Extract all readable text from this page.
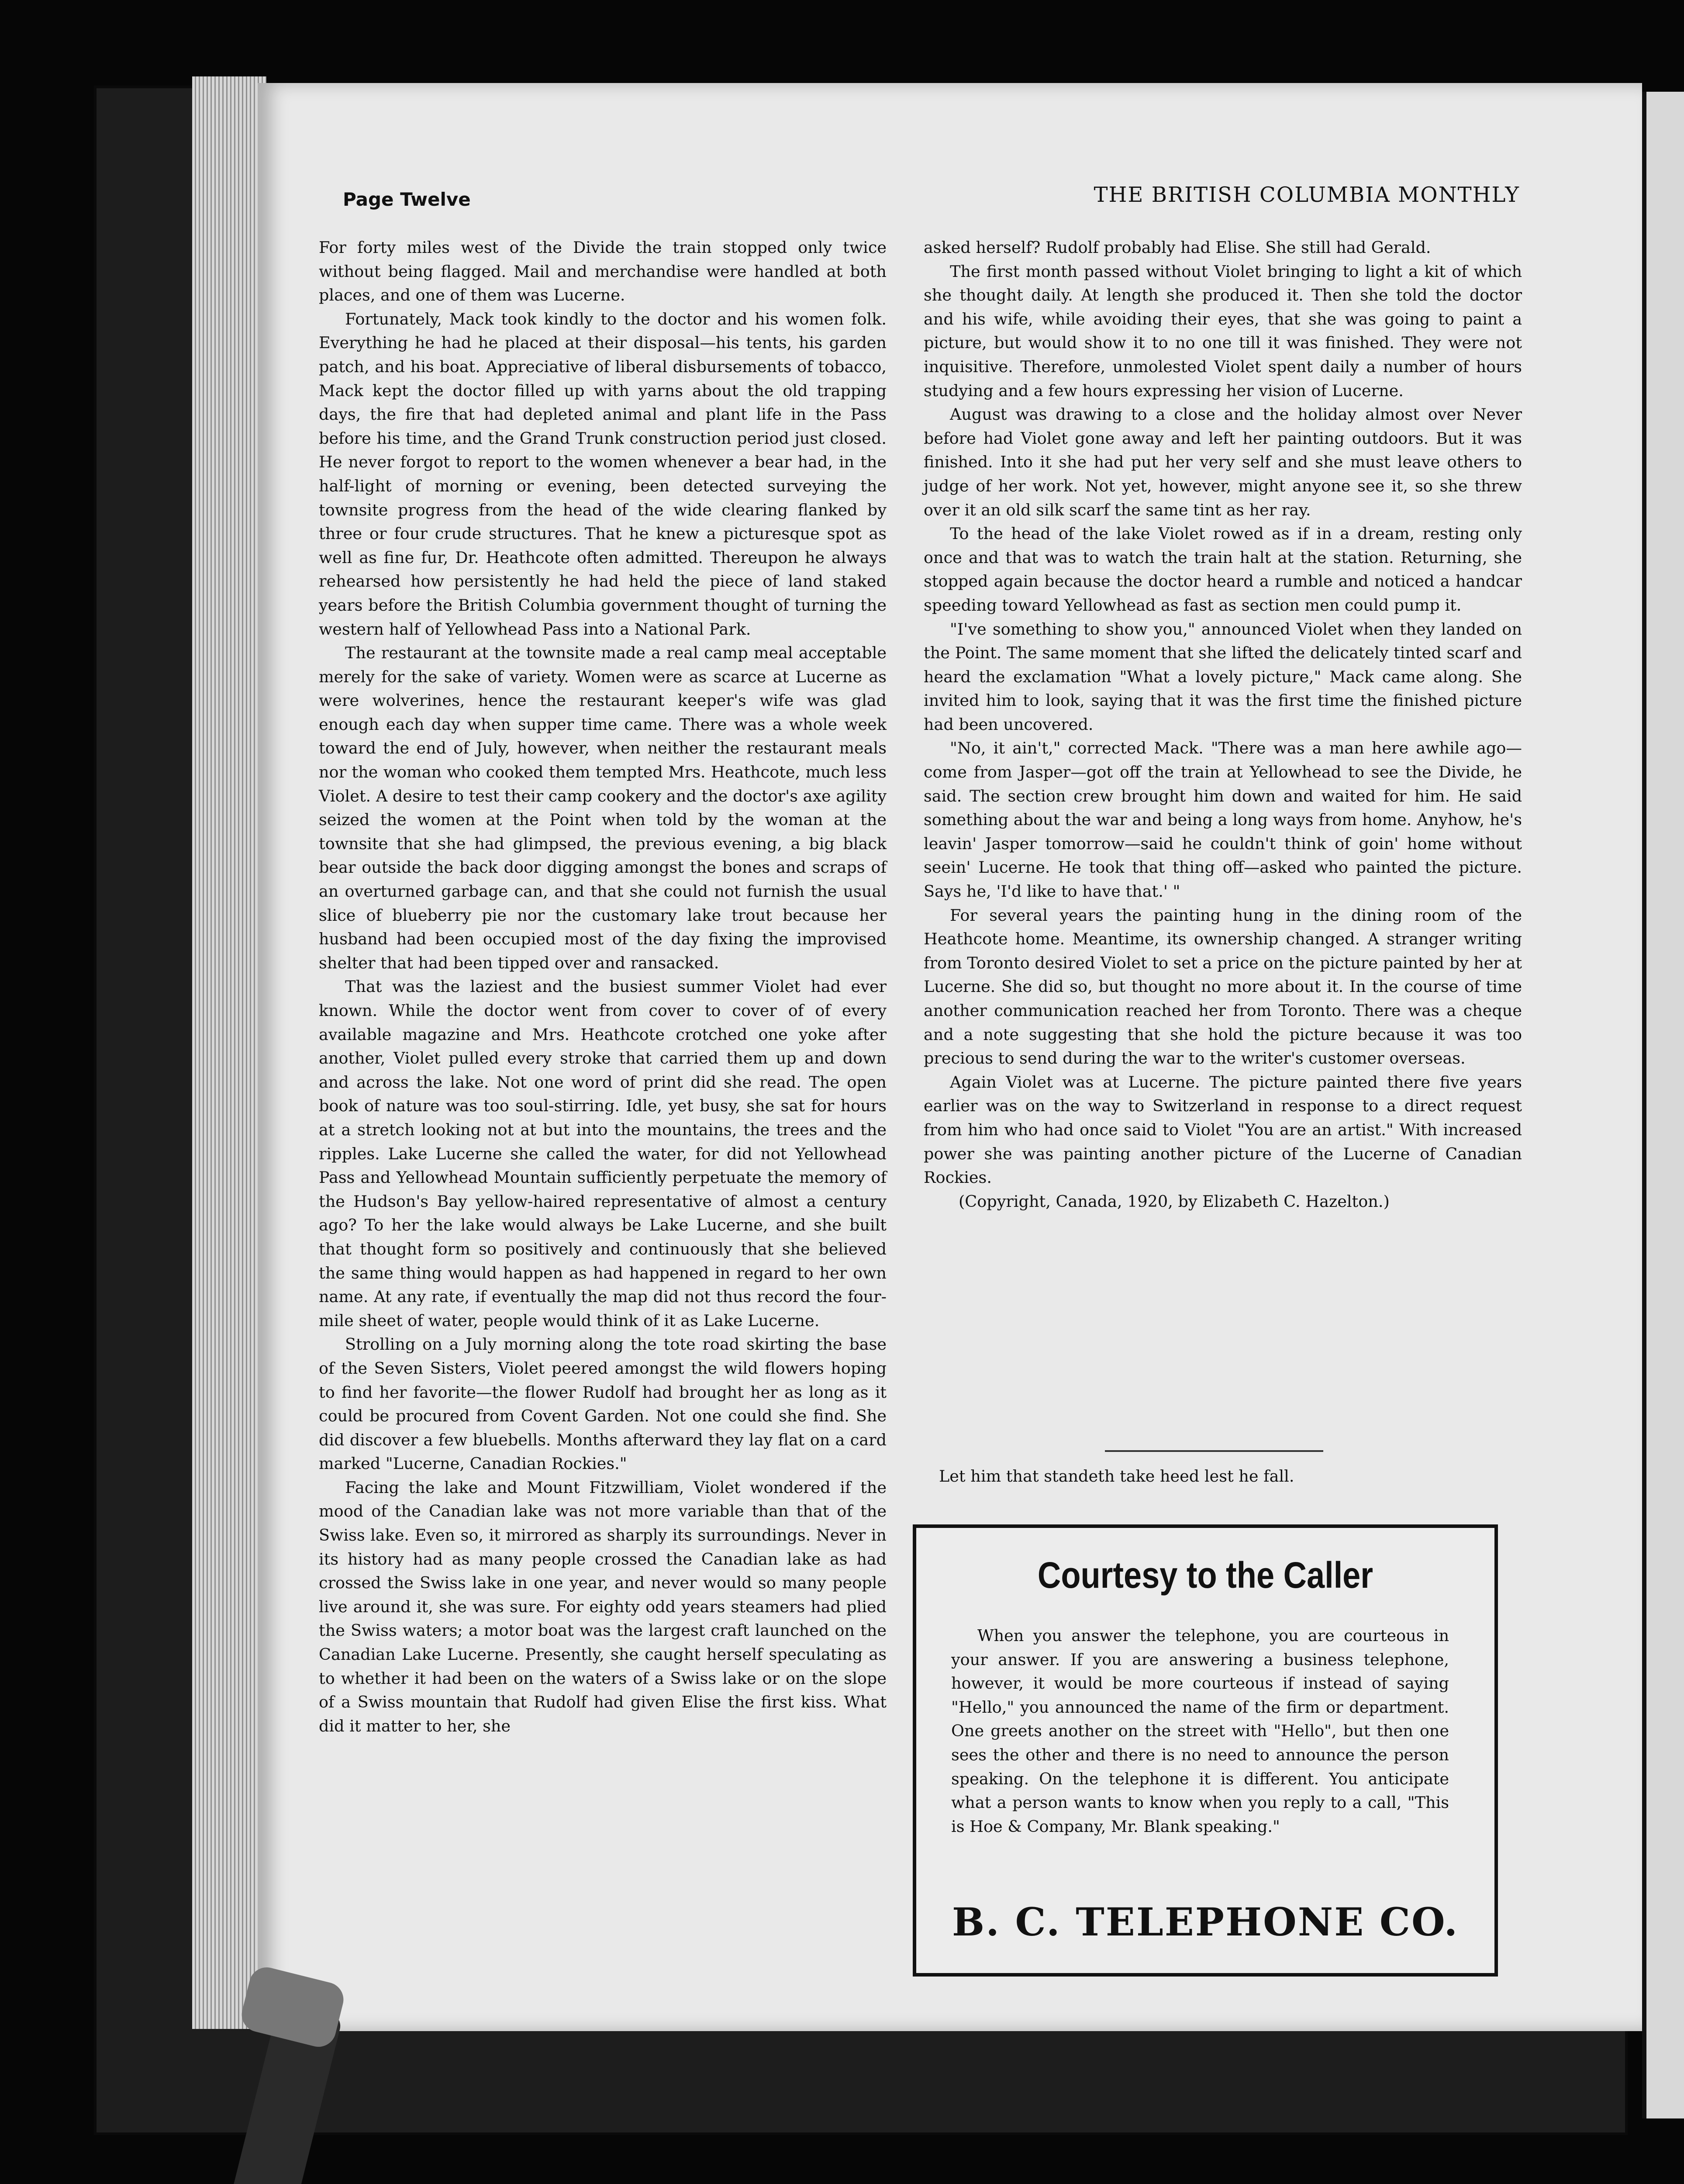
Page Twelve	THE BRITISH COLUMBIA MONTHLY

For forty miles west of the Divide the train stopped only twice without being flagged. Mail and merchandise were handled at both places, and one of them was Lucerne.

Fortunately, Mack took kindly to the doctor and his women folk. Everything he had he placed at their disposal—his tents, his garden patch, and his boat. Appreciative of liberal disbursements of tobacco, Mack kept the doctor filled up with yarns about the old trapping days, the fire that had depleted animal and plant life in the Pass before his time, and the Grand Trunk construction period just closed. He never forgot to report to the women whenever a bear had, in the half-light of morning or evening, been detected surveying the townsite progress from the head of the wide clearing flanked by three or four crude structures. That he knew a picturesque spot as well as fine fur, Dr. Heathcote often admitted. Thereupon he always rehearsed how persistently he had held the piece of land staked years before the British Columbia government thought of turning the western half of Yellowhead Pass into a National Park.

The restaurant at the townsite made a real camp meal acceptable merely for the sake of variety. Women were as scarce at Lucerne as were wolverines, hence the restaurant keeper's wife was glad enough each day when supper time came. There was a whole week toward the end of July, however, when neither the restaurant meals nor the woman who cooked them tempted Mrs. Heathcote, much less Violet. A desire to test their camp cookery and the doctor's axe agility seized the women at the Point when told by the woman at the townsite that she had glimpsed, the previous evening, a big black bear outside the back door digging amongst the bones and scraps of an overturned garbage can, and that she could not furnish the usual slice of blueberry pie nor the customary lake trout because her husband had been occupied most of the day fixing the improvised shelter that had been tipped over and ransacked.

That was the laziest and the busiest summer Violet had ever known. While the doctor went from cover to cover of of every available magazine and Mrs. Heathcote crotched one yoke after another, Violet pulled every stroke that carried them up and down and across the lake. Not one word of print did she read. The open book of nature was too soul-stirring. Idle, yet busy, she sat for hours at a stretch looking not at but into the mountains, the trees and the ripples. Lake Lucerne she called the water, for did not Yellowhead Pass and Yellowhead Mountain sufficiently perpetuate the memory of the Hudson's Bay yellow-haired representative of almost a century ago? To her the lake would always be Lake Lucerne, and she built that thought form so positively and continuously that she believed the same thing would happen as had happened in regard to her own name. At any rate, if eventually the map did not thus record the four-mile sheet of water, people would think of it as Lake Lucerne.

Strolling on a July morning along the tote road skirting the base of the Seven Sisters, Violet peered amongst the wild flowers hoping to find her favorite—the flower Rudolf had brought her as long as it could be procured from Covent Garden. Not one could she find. She did discover a few bluebells. Months afterward they lay flat on a card marked "Lucerne, Canadian Rockies."

Facing the lake and Mount Fitzwilliam, Violet wondered if the mood of the Canadian lake was not more variable than that of the Swiss lake. Even so, it mirrored as sharply its surroundings. Never in its history had as many people crossed the Canadian lake as had crossed the Swiss lake in one year, and never would so many people live around it, she was sure. For eighty odd years steamers had plied the Swiss waters; a motor boat was the largest craft launched on the Canadian Lake Lucerne. Presently, she caught herself speculating as to whether it had been on the waters of a Swiss lake or on the slope of a Swiss mountain that Rudolf had given Elise the first kiss. What did it matter to her, she

asked herself? Rudolf probably had Elise. She still had Gerald.

The first month passed without Violet bringing to light a kit of which she thought daily. At length she produced it. Then she told the doctor and his wife, while avoiding their eyes, that she was going to paint a picture, but would show it to no one till it was finished. They were not inquisitive. Therefore, unmolested Violet spent daily a number of hours studying and a few hours expressing her vision of Lucerne.

August was drawing to a close and the holiday almost over Never before had Violet gone away and left her painting outdoors. But it was finished. Into it she had put her very self and she must leave others to judge of her work. Not yet, however, might anyone see it, so she threw over it an old silk scarf the same tint as her ray.

To the head of the lake Violet rowed as if in a dream, resting only once and that was to watch the train halt at the station. Returning, she stopped again because the doctor heard a rumble and noticed a handcar speeding toward Yellowhead as fast as section men could pump it.

"I've something to show you," announced Violet when they landed on the Point. The same moment that she lifted the delicately tinted scarf and heard the exclamation "What a lovely picture," Mack came along. She invited him to look, saying that it was the first time the finished picture had been uncovered.

"No, it ain't," corrected Mack. "There was a man here awhile ago—come from Jasper—got off the train at Yellowhead to see the Divide, he said. The section crew brought him down and waited for him. He said something about the war and being a long ways from home. Anyhow, he's leavin' Jasper tomorrow—said he couldn't think of goin' home without seein' Lucerne. He took that thing off—asked who painted the picture. Says he, 'I'd like to have that.' "

For several years the painting hung in the dining room of the Heathcote home. Meantime, its ownership changed. A stranger writing from Toronto desired Violet to set a price on the picture painted by her at Lucerne. She did so, but thought no more about it. In the course of time another communication reached her from Toronto. There was a cheque and a note suggesting that she hold the picture because it was too precious to send during the war to the writer's customer overseas.

Again Violet was at Lucerne. The picture painted there five years earlier was on the way to Switzerland in response to a direct request from him who had once said to Violet "You are an artist." With increased power she was painting another picture of the Lucerne of Canadian Rockies.

(Copyright, Canada, 1920, by Elizabeth C. Hazelton.)

Let him that standeth take heed lest he fall.
Courtesy to the Caller
When you answer the telephone, you are courteous in your answer. If you are answering a business telephone, however, it would be more courteous if instead of saying "Hello," you announced the name of the firm or department. One greets another on the street with "Hello", but then one sees the other and there is no need to announce the person speaking. On the telephone it is different. You anticipate what a person wants to know when you reply to a call, "This is Hoe & Company, Mr. Blank speaking."
B. C. TELEPHONE CO.
